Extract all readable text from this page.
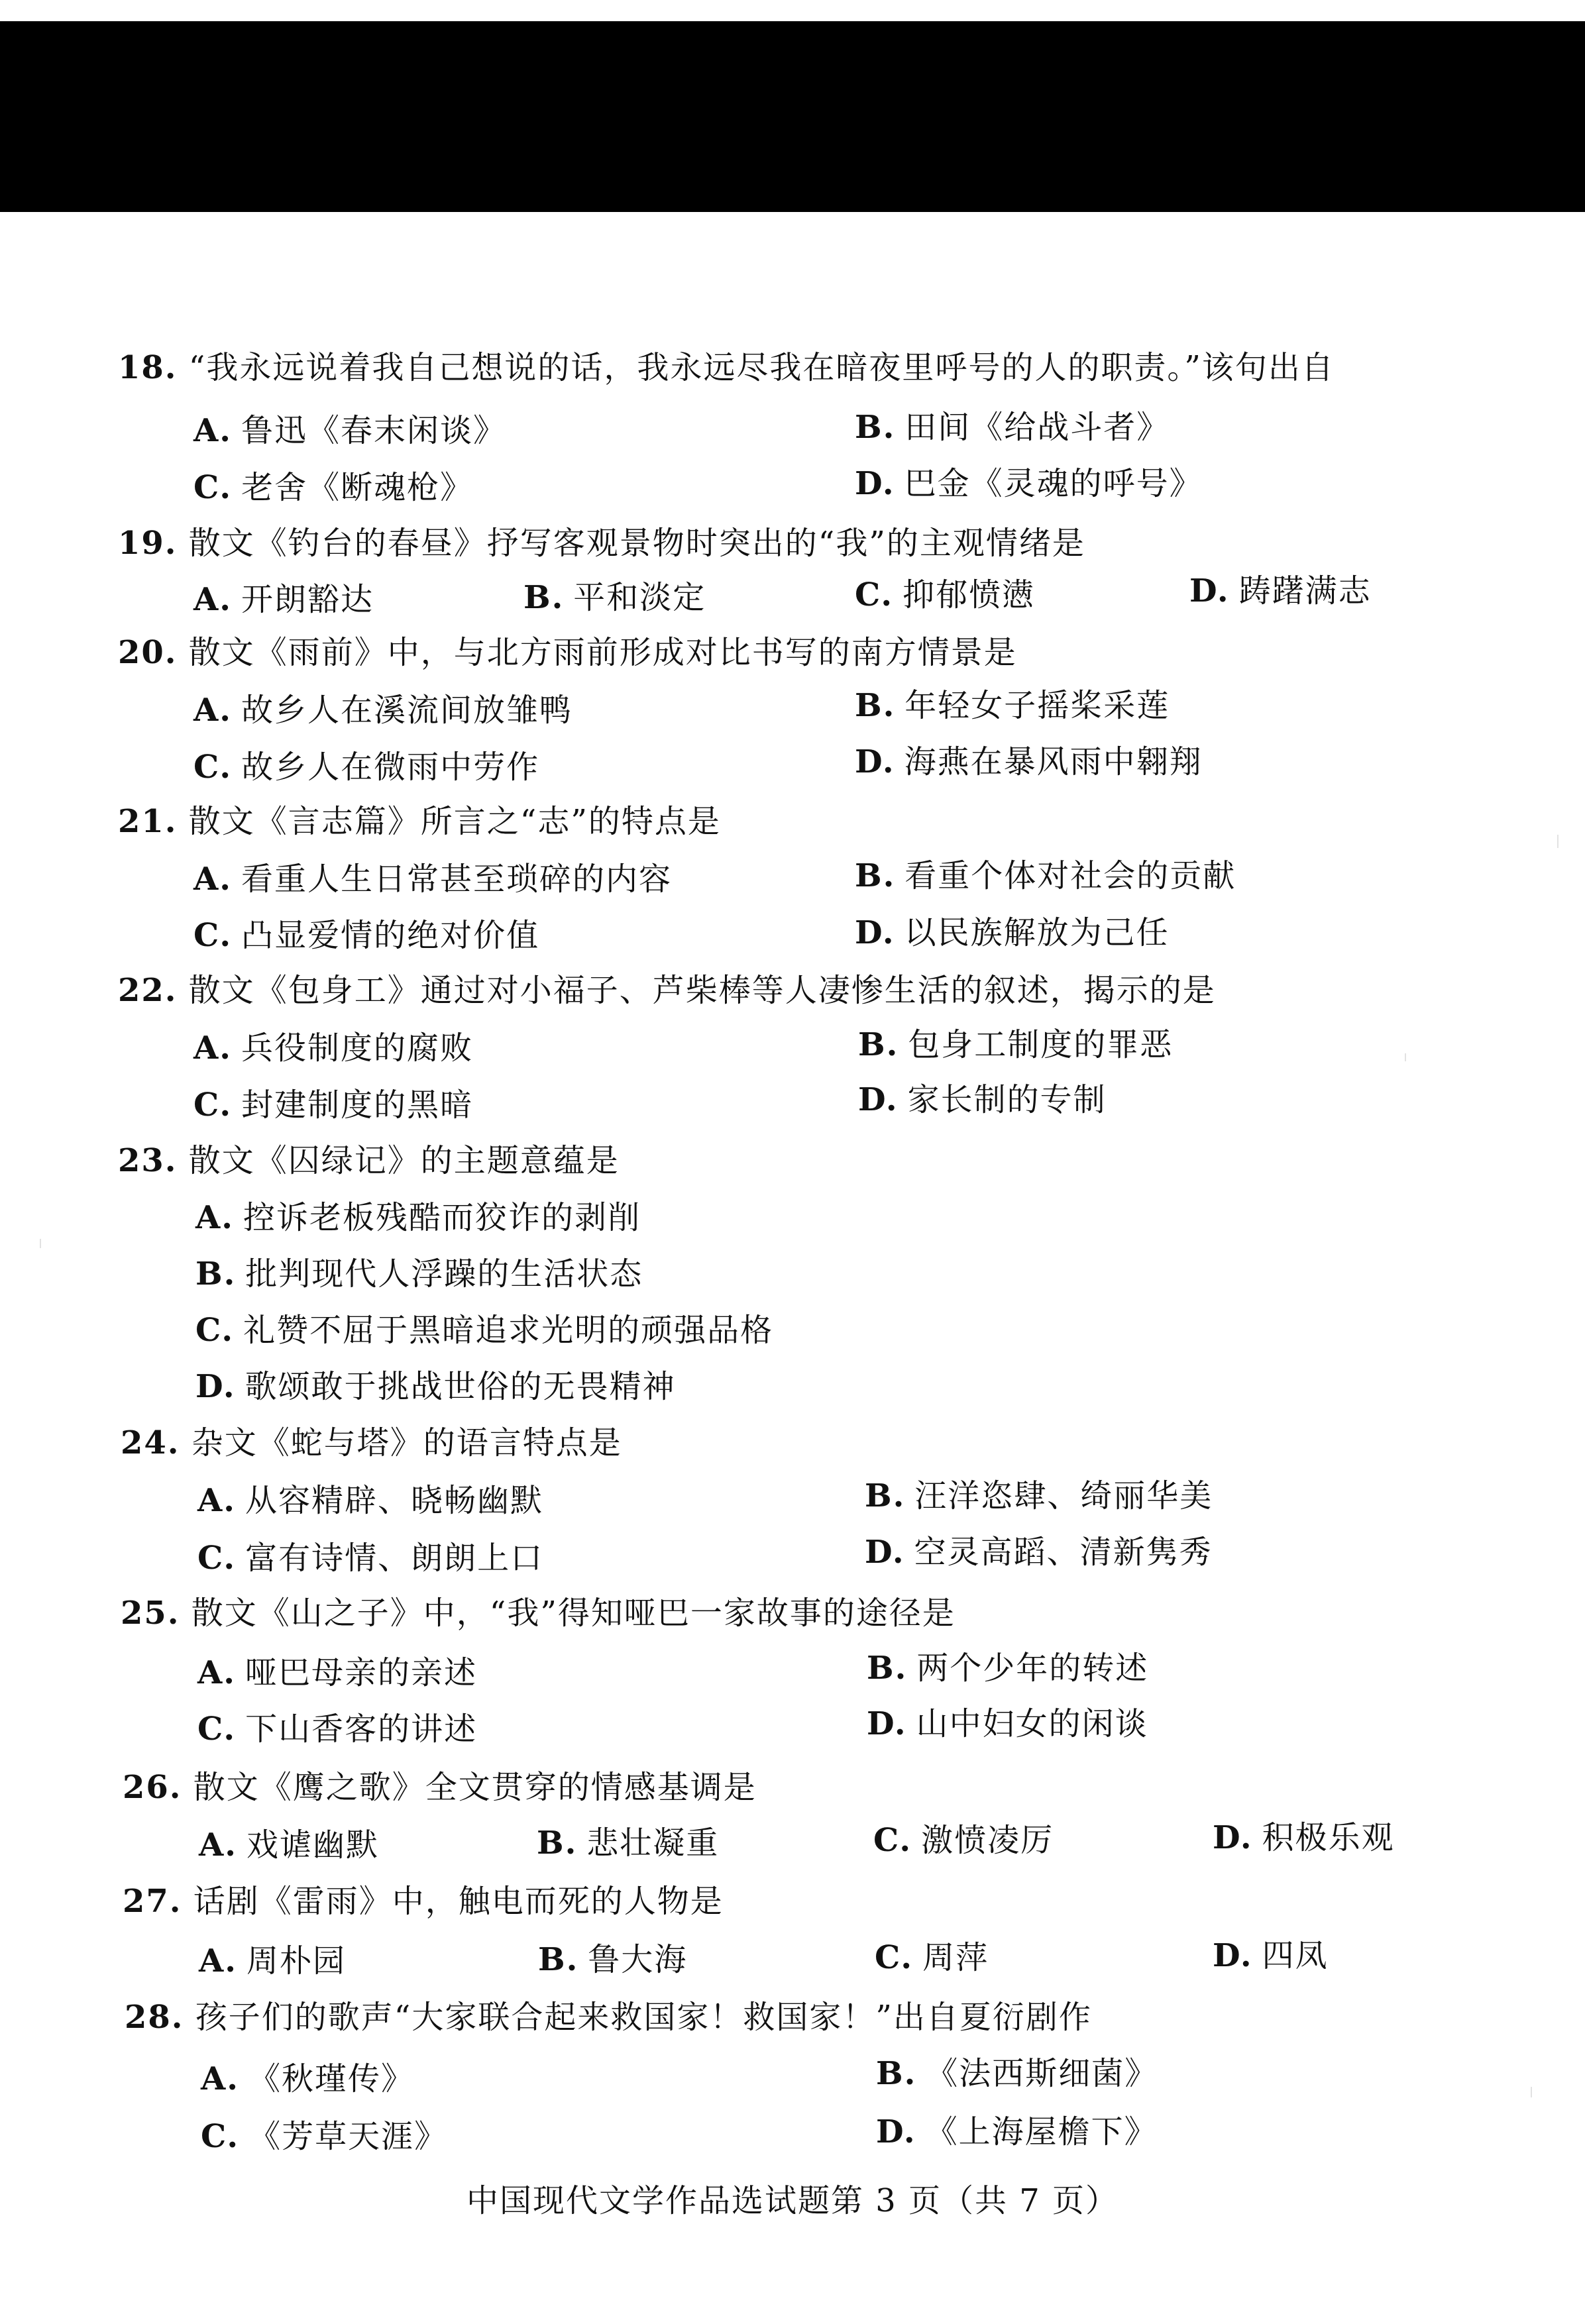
18. “我永远说着我自己想说的话，我永远尽我在暗夜里呼号的人的职责。”该句出自
A. 鲁迅《春末闲谈》	B. 田间《给战斗者》
C. 老舍《断魂枪》	D. 巴金《灵魂的呼号》
19. 散文《钓台的春昼》抒写客观景物时突出的“我”的主观情绪是
A. 开朗豁达	B. 平和淡定	C. 抑郁愤懑	D. 踌躇满志
20. 散文《雨前》中，与北方雨前形成对比书写的南方情景是
A. 故乡人在溪流间放雏鸭	B. 年轻女子摇桨采莲
C. 故乡人在微雨中劳作	D. 海燕在暴风雨中翱翔
21. 散文《言志篇》所言之“志”的特点是
A. 看重人生日常甚至琐碎的内容	B. 看重个体对社会的贡献
C. 凸显爱情的绝对价值	D. 以民族解放为己任
22. 散文《包身工》通过对小福子、芦柴棒等人凄惨生活的叙述，揭示的是
A. 兵役制度的腐败	B. 包身工制度的罪恶
C. 封建制度的黑暗	D. 家长制的专制
23. 散文《囚绿记》的主题意蕴是
A. 控诉老板残酷而狡诈的剥削
B. 批判现代人浮躁的生活状态
C. 礼赞不屈于黑暗追求光明的顽强品格
D. 歌颂敢于挑战世俗的无畏精神
24. 杂文《蛇与塔》的语言特点是
A. 从容精辟、晓畅幽默	B. 汪洋恣肆、绮丽华美
C. 富有诗情、朗朗上口	D. 空灵高蹈、清新隽秀
25. 散文《山之子》中，“我”得知哑巴一家故事的途径是
A. 哑巴母亲的亲述	B. 两个少年的转述
C. 下山香客的讲述	D. 山中妇女的闲谈
26. 散文《鹰之歌》全文贯穿的情感基调是
A. 戏谑幽默	B. 悲壮凝重	C. 激愤凌厉	D. 积极乐观
27. 话剧《雷雨》中，触电而死的人物是
A. 周朴园	B. 鲁大海	C. 周萍	D. 四凤
28. 孩子们的歌声“大家联合起来救国家！救国家！”出自夏衍剧作
A. 《秋瑾传》	B. 《法西斯细菌》
C. 《芳草天涯》	D. 《上海屋檐下》
中国现代文学作品选试题第 3 页（共 7 页）
